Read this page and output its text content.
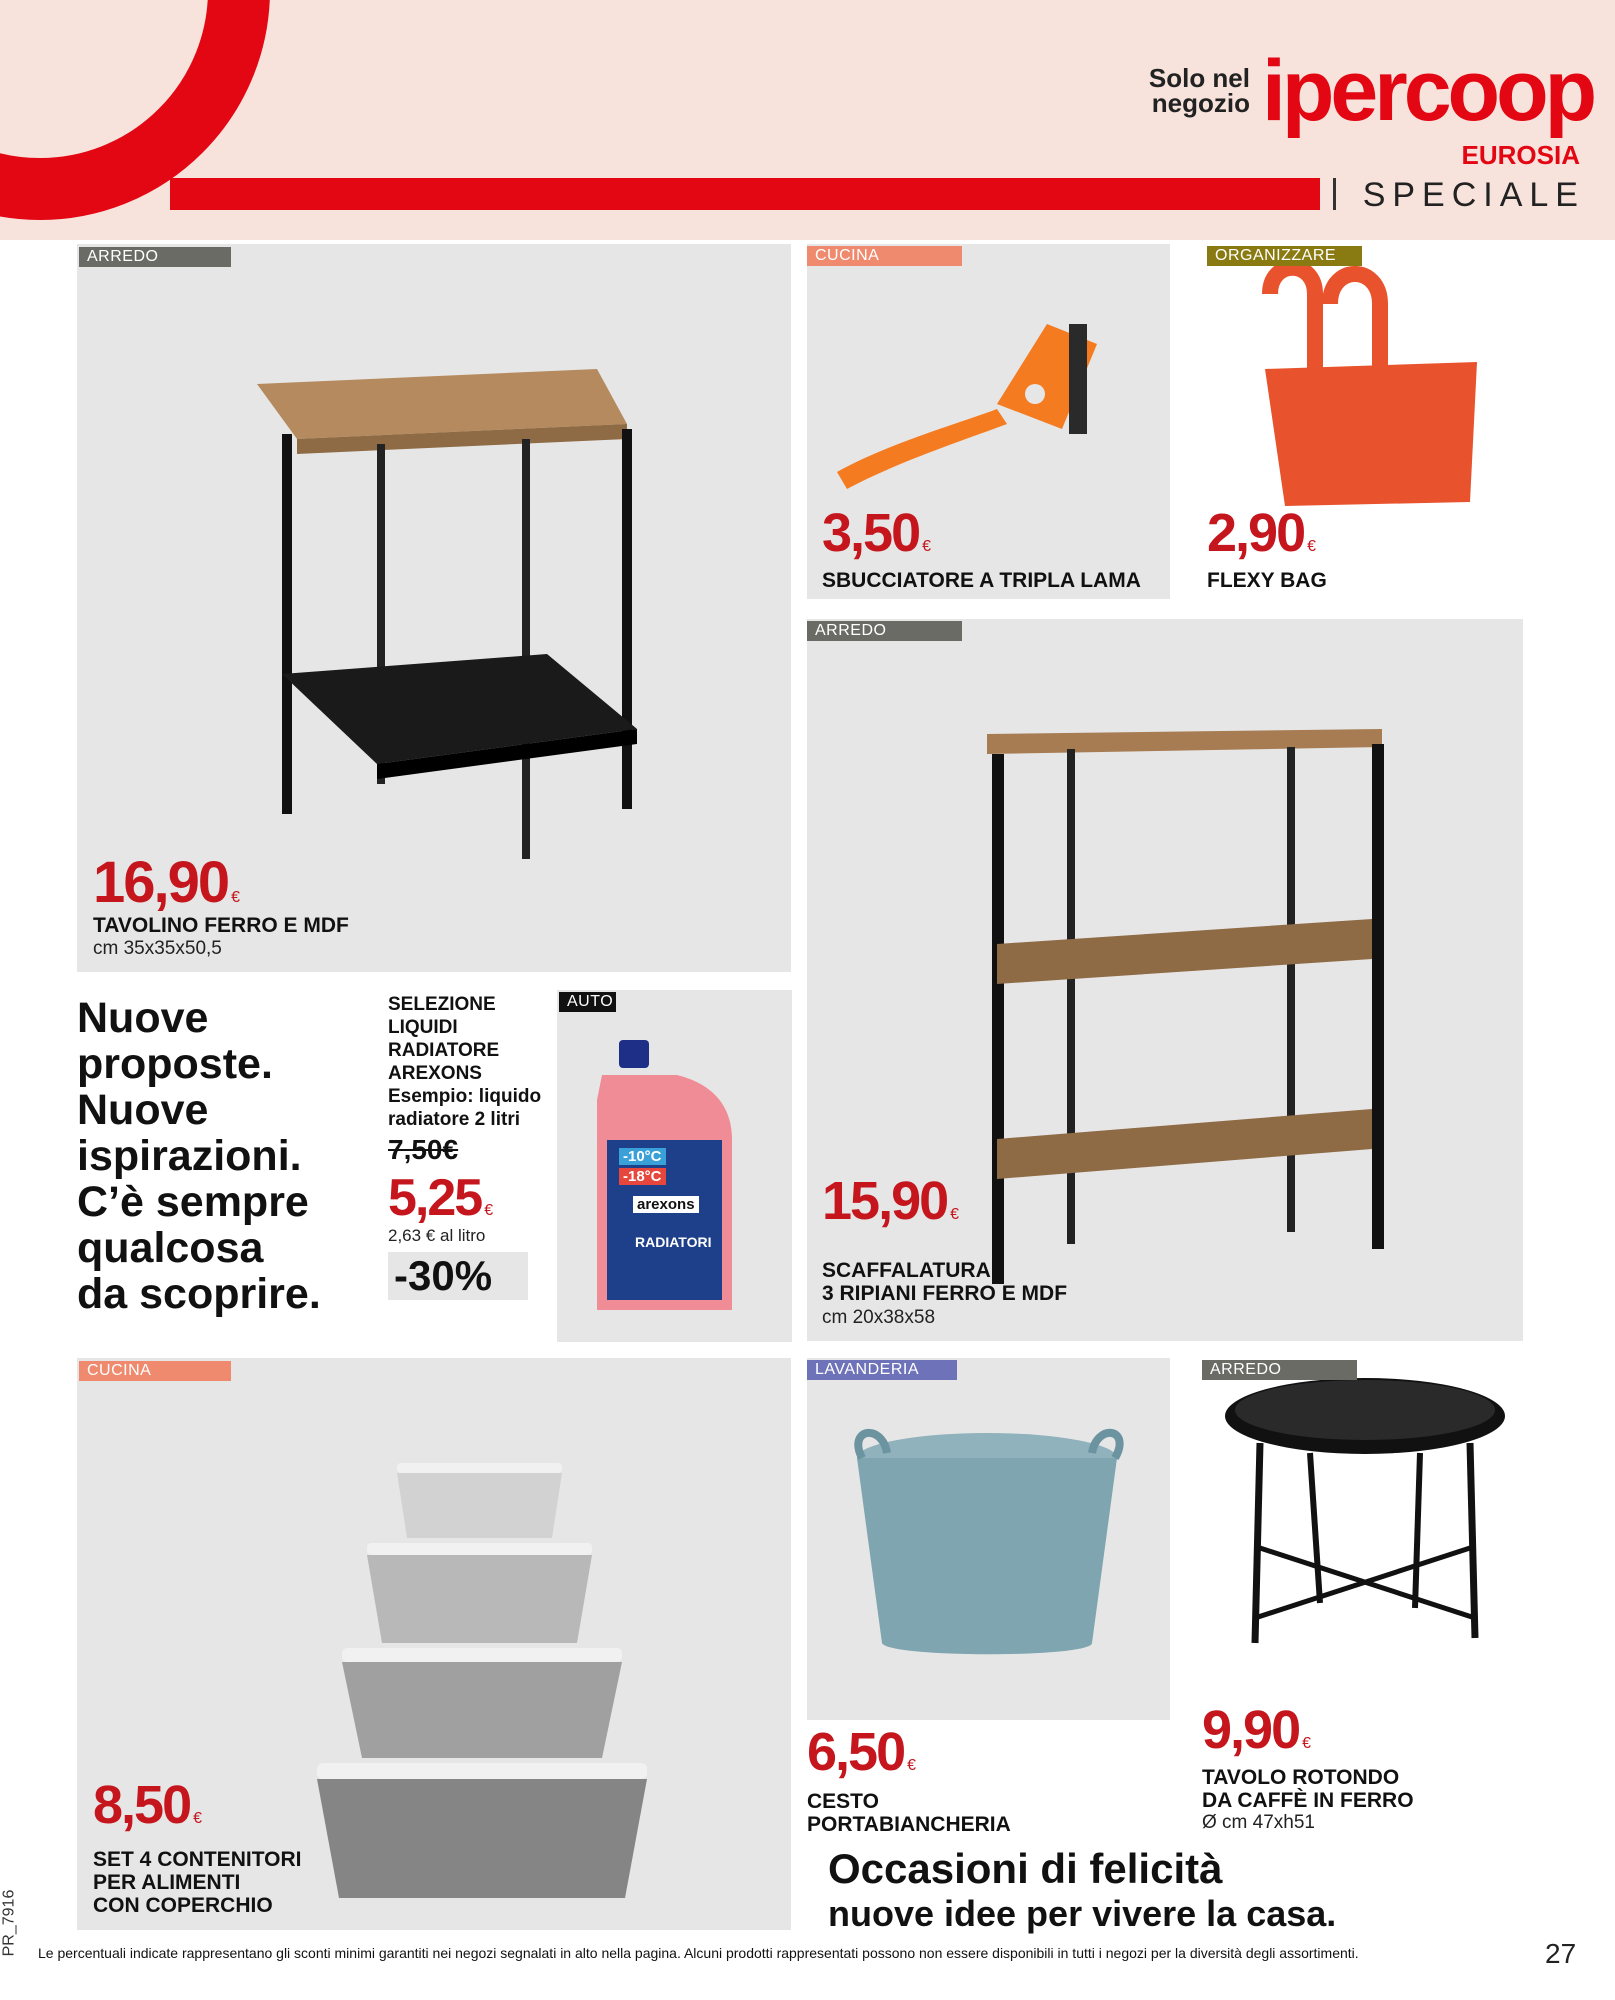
Solo nel
negozio ipercoop
EUROSIA
SPECIALE
ARREDO
16,90 €
TAVOLINO FERRO E MDF
cm 35x35x50,5
CUCINA
3,50 €
SBUCCIATORE A TRIPLA LAMA
ORGANIZZARE
2,90 €
FLEXY BAG
ARREDO
15,90 €
SCAFFALATURA
3 RIPIANI FERRO E MDF
cm 20x38x58
Nuove
proposte.
Nuove
ispirazioni.
C’è sempre
qualcosa
da scoprire.
SELEZIONE
LIQUIDI
RADIATORE
AREXONS
Esempio: liquido
radiatore 2 litri
7,50€
5,25 €
2,63 € al litro
-30%
-10°C
-18°C
arexons
RADIATORI
AUTO
CUCINA
8,50 €
SET 4 CONTENITORI
PER ALIMENTI
CON COPERCHIO
LAVANDERIA
6,50 €
CESTO
PORTABIANCHERIA
ARREDO
9,90 €
TAVOLO ROTONDO
DA CAFFÈ IN FERRO
Ø cm 47xh51
Occasioni di felicità
nuove idee per vivere la casa.
PR_7916 Le percentuali indicate rappresentano gli sconti minimi garantiti nei negozi segnalati in alto nella pagina. Alcuni prodotti rappresentati possono non essere disponibili in tutti i negozi per la diversità degli assortimenti.	27
